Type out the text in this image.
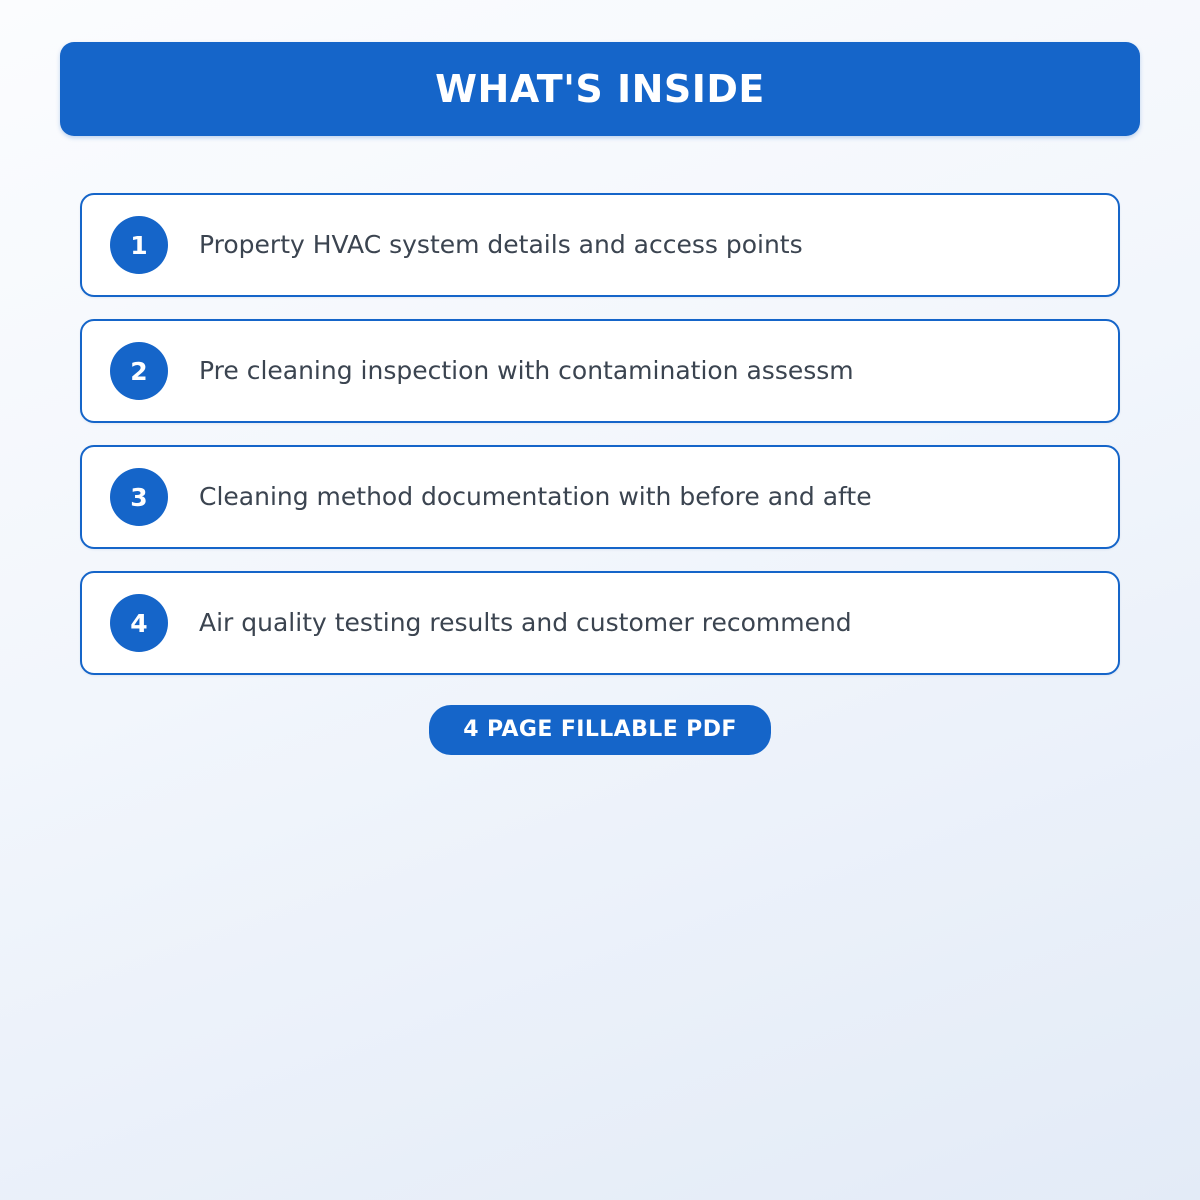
WHAT'S INSIDE
1	Property HVAC system details and access points
2	Pre cleaning inspection with contamination assessm
3	Cleaning method documentation with before and afte
4	Air quality testing results and customer recommend
4 PAGE FILLABLE PDF
